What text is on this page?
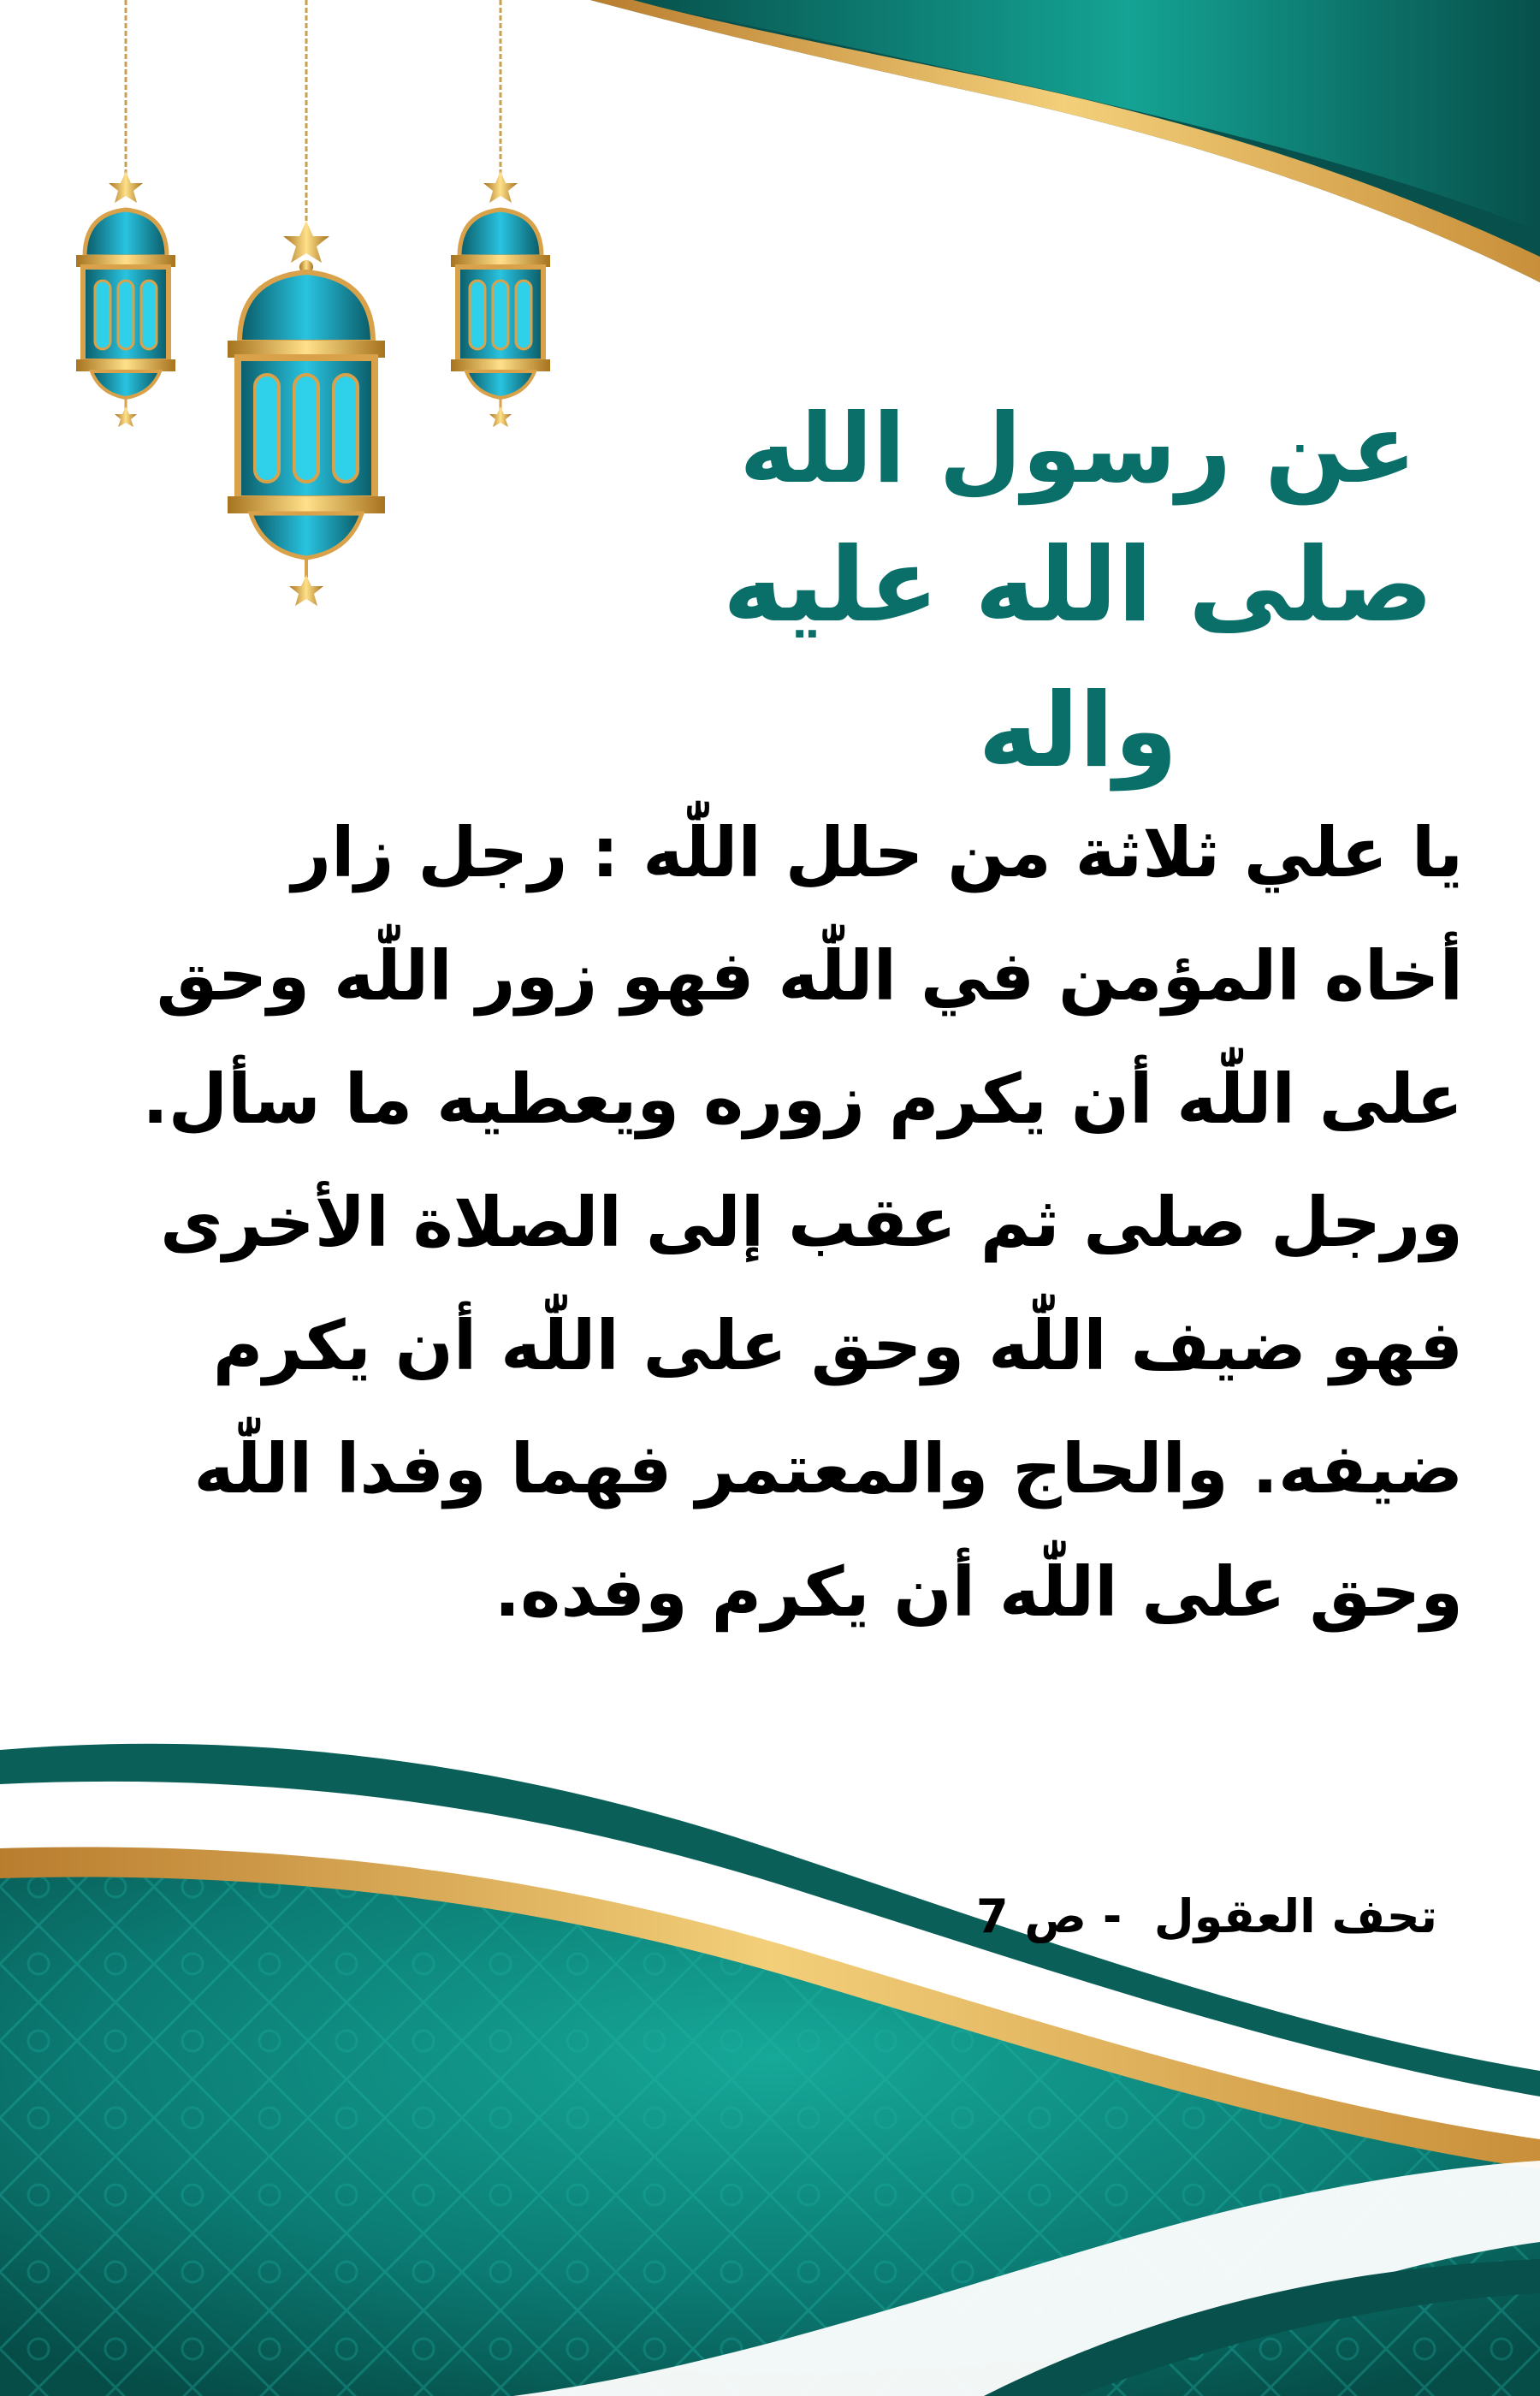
عن رسول الله
صلى الله عليه واله
يا علي ثلاثة من حلل اللّٰه : رجل زار
أخاه المؤمن في اللّٰه فهو زور اللّٰه وحق
على اللّٰه أن يكرم زوره ويعطيه ما سأل.
ورجل صلى ثم عقب إلى الصلاة الأخرى
فهو ضيف اللّٰه وحق على اللّٰه أن يكرم
ضيفه. والحاج والمعتمر فهما وفدا اللّٰه
وحق على اللّٰه أن يكرم وفده.
تحف العقول  - ص 7
